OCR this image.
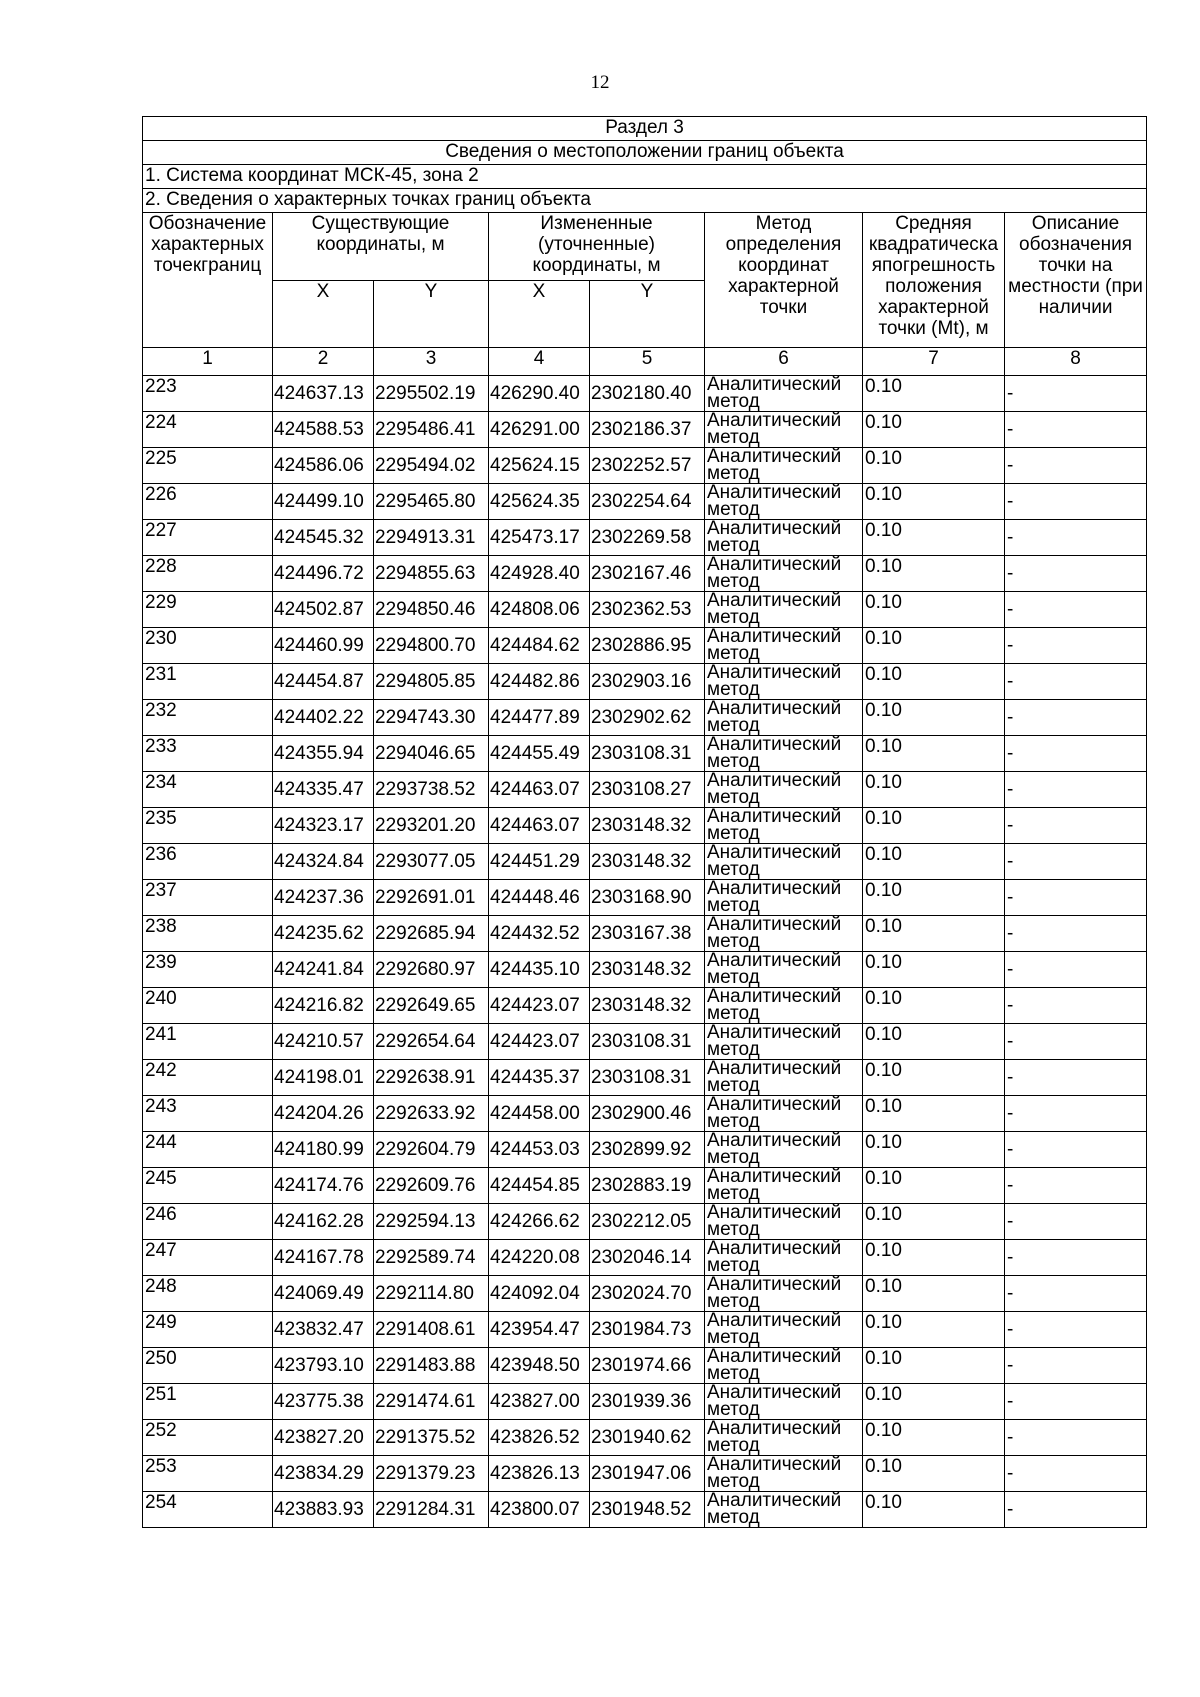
12
Раздел 3							
Сведения о местоположении границ объекта							
1. Система координат МСК-45, зона 2							
2. Сведения о характерных точках границ объекта							
Обозначение характерных точекграниц	Существующие координаты, м		Измененные (уточненные) координаты, м		Метод определения координат характерной точки	Средняя квадратическа япогрешность положения характерной точки (Mt), м	Описание обозначения точки на местности (при наличии
	X	Y	X	Y			
1	2	3	4	5	6	7	8
223	424637.13	2295502.19	426290.40	2302180.40	Аналитический метод	0.10	-
224	424588.53	2295486.41	426291.00	2302186.37	Аналитический метод	0.10	-
225	424586.06	2295494.02	425624.15	2302252.57	Аналитический метод	0.10	-
226	424499.10	2295465.80	425624.35	2302254.64	Аналитический метод	0.10	-
227	424545.32	2294913.31	425473.17	2302269.58	Аналитический метод	0.10	-
228	424496.72	2294855.63	424928.40	2302167.46	Аналитический метод	0.10	-
229	424502.87	2294850.46	424808.06	2302362.53	Аналитический метод	0.10	-
230	424460.99	2294800.70	424484.62	2302886.95	Аналитический метод	0.10	-
231	424454.87	2294805.85	424482.86	2302903.16	Аналитический метод	0.10	-
232	424402.22	2294743.30	424477.89	2302902.62	Аналитический метод	0.10	-
233	424355.94	2294046.65	424455.49	2303108.31	Аналитический метод	0.10	-
234	424335.47	2293738.52	424463.07	2303108.27	Аналитический метод	0.10	-
235	424323.17	2293201.20	424463.07	2303148.32	Аналитический метод	0.10	-
236	424324.84	2293077.05	424451.29	2303148.32	Аналитический метод	0.10	-
237	424237.36	2292691.01	424448.46	2303168.90	Аналитический метод	0.10	-
238	424235.62	2292685.94	424432.52	2303167.38	Аналитический метод	0.10	-
239	424241.84	2292680.97	424435.10	2303148.32	Аналитический метод	0.10	-
240	424216.82	2292649.65	424423.07	2303148.32	Аналитический метод	0.10	-
241	424210.57	2292654.64	424423.07	2303108.31	Аналитический метод	0.10	-
242	424198.01	2292638.91	424435.37	2303108.31	Аналитический метод	0.10	-
243	424204.26	2292633.92	424458.00	2302900.46	Аналитический метод	0.10	-
244	424180.99	2292604.79	424453.03	2302899.92	Аналитический метод	0.10	-
245	424174.76	2292609.76	424454.85	2302883.19	Аналитический метод	0.10	-
246	424162.28	2292594.13	424266.62	2302212.05	Аналитический метод	0.10	-
247	424167.78	2292589.74	424220.08	2302046.14	Аналитический метод	0.10	-
248	424069.49	2292114.80	424092.04	2302024.70	Аналитический метод	0.10	-
249	423832.47	2291408.61	423954.47	2301984.73	Аналитический метод	0.10	-
250	423793.10	2291483.88	423948.50	2301974.66	Аналитический метод	0.10	-
251	423775.38	2291474.61	423827.00	2301939.36	Аналитический метод	0.10	-
252	423827.20	2291375.52	423826.52	2301940.62	Аналитический метод	0.10	-
253	423834.29	2291379.23	423826.13	2301947.06	Аналитический метод	0.10	-
254	423883.93	2291284.31	423800.07	2301948.52	Аналитический метод	0.10	-
